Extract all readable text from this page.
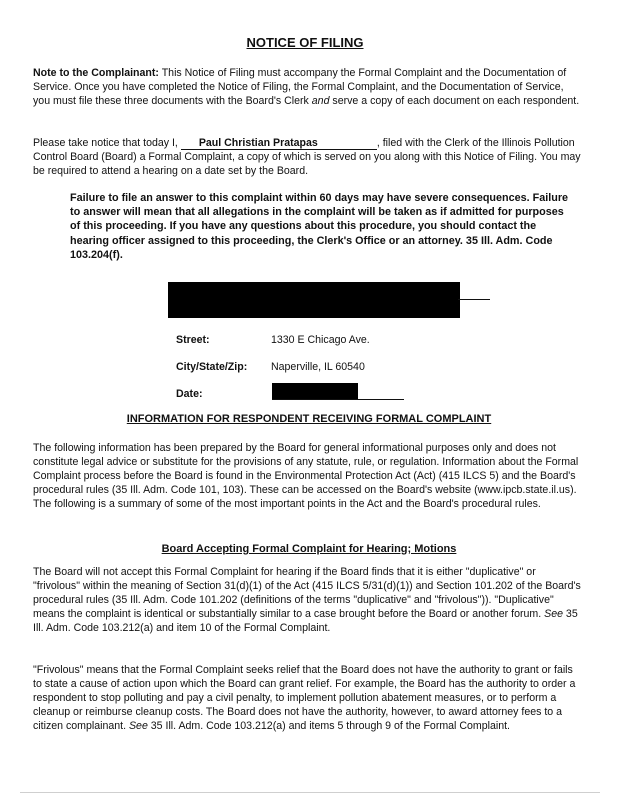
NOTICE OF FILING
Note to the Complainant: This Notice of Filing must accompany the Formal Complaint and the Documentation of Service. Once you have completed the Notice of Filing, the Formal Complaint, and the Documentation of Service, you must file these three documents with the Board's Clerk and serve a copy of each document on each respondent.
Please take notice that today I, Paul Christian Pratapas	, filed with the Clerk of the Illinois Pollution Control Board (Board) a Formal Complaint, a copy of which is served on you along with this Notice of Filing. You may be required to attend a hearing on a date set by the Board.
Failure to file an answer to this complaint within 60 days may have severe consequences. Failure to answer will mean that all allegations in the complaint will be taken as if admitted for purposes of this proceeding. If you have any questions about this procedure, you should contact the hearing officer assigned to this proceeding, the Clerk's Office or an attorney. 35 Ill. Adm. Code 103.204(f).
Street:	1330 E Chicago Ave.
City/State/Zip: Naperville, IL 60540
Date:
INFORMATION FOR RESPONDENT RECEIVING FORMAL COMPLAINT
The following information has been prepared by the Board for general informational purposes only and does not constitute legal advice or substitute for the provisions of any statute, rule, or regulation. Information about the Formal Complaint process before the Board is found in the Environmental Protection Act (Act) (415 ILCS 5) and the Board's procedural rules (35 Ill. Adm. Code 101, 103). These can be accessed on the Board's website (www.ipcb.state.il.us). The following is a summary of some of the most important points in the Act and the Board's procedural rules.
Board Accepting Formal Complaint for Hearing; Motions
The Board will not accept this Formal Complaint for hearing if the Board finds that it is either "duplicative" or "frivolous" within the meaning of Section 31(d)(1) of the Act (415 ILCS 5/31(d)(1)) and Section 101.202 of the Board's procedural rules (35 Ill. Adm. Code 101.202 (definitions of the terms "duplicative" and "frivolous")). "Duplicative" means the complaint is identical or substantially similar to a case brought before the Board or another forum. See 35 Ill. Adm. Code 103.212(a) and item 10 of the Formal Complaint.
"Frivolous" means that the Formal Complaint seeks relief that the Board does not have the authority to grant or fails to state a cause of action upon which the Board can grant relief. For example, the Board has the authority to order a respondent to stop polluting and pay a civil penalty, to implement pollution abatement measures, or to perform a cleanup or reimburse cleanup costs. The Board does not have the authority, however, to award attorney fees to a citizen complainant. See 35 Ill. Adm. Code 103.212(a) and items 5 through 9 of the Formal Complaint.
